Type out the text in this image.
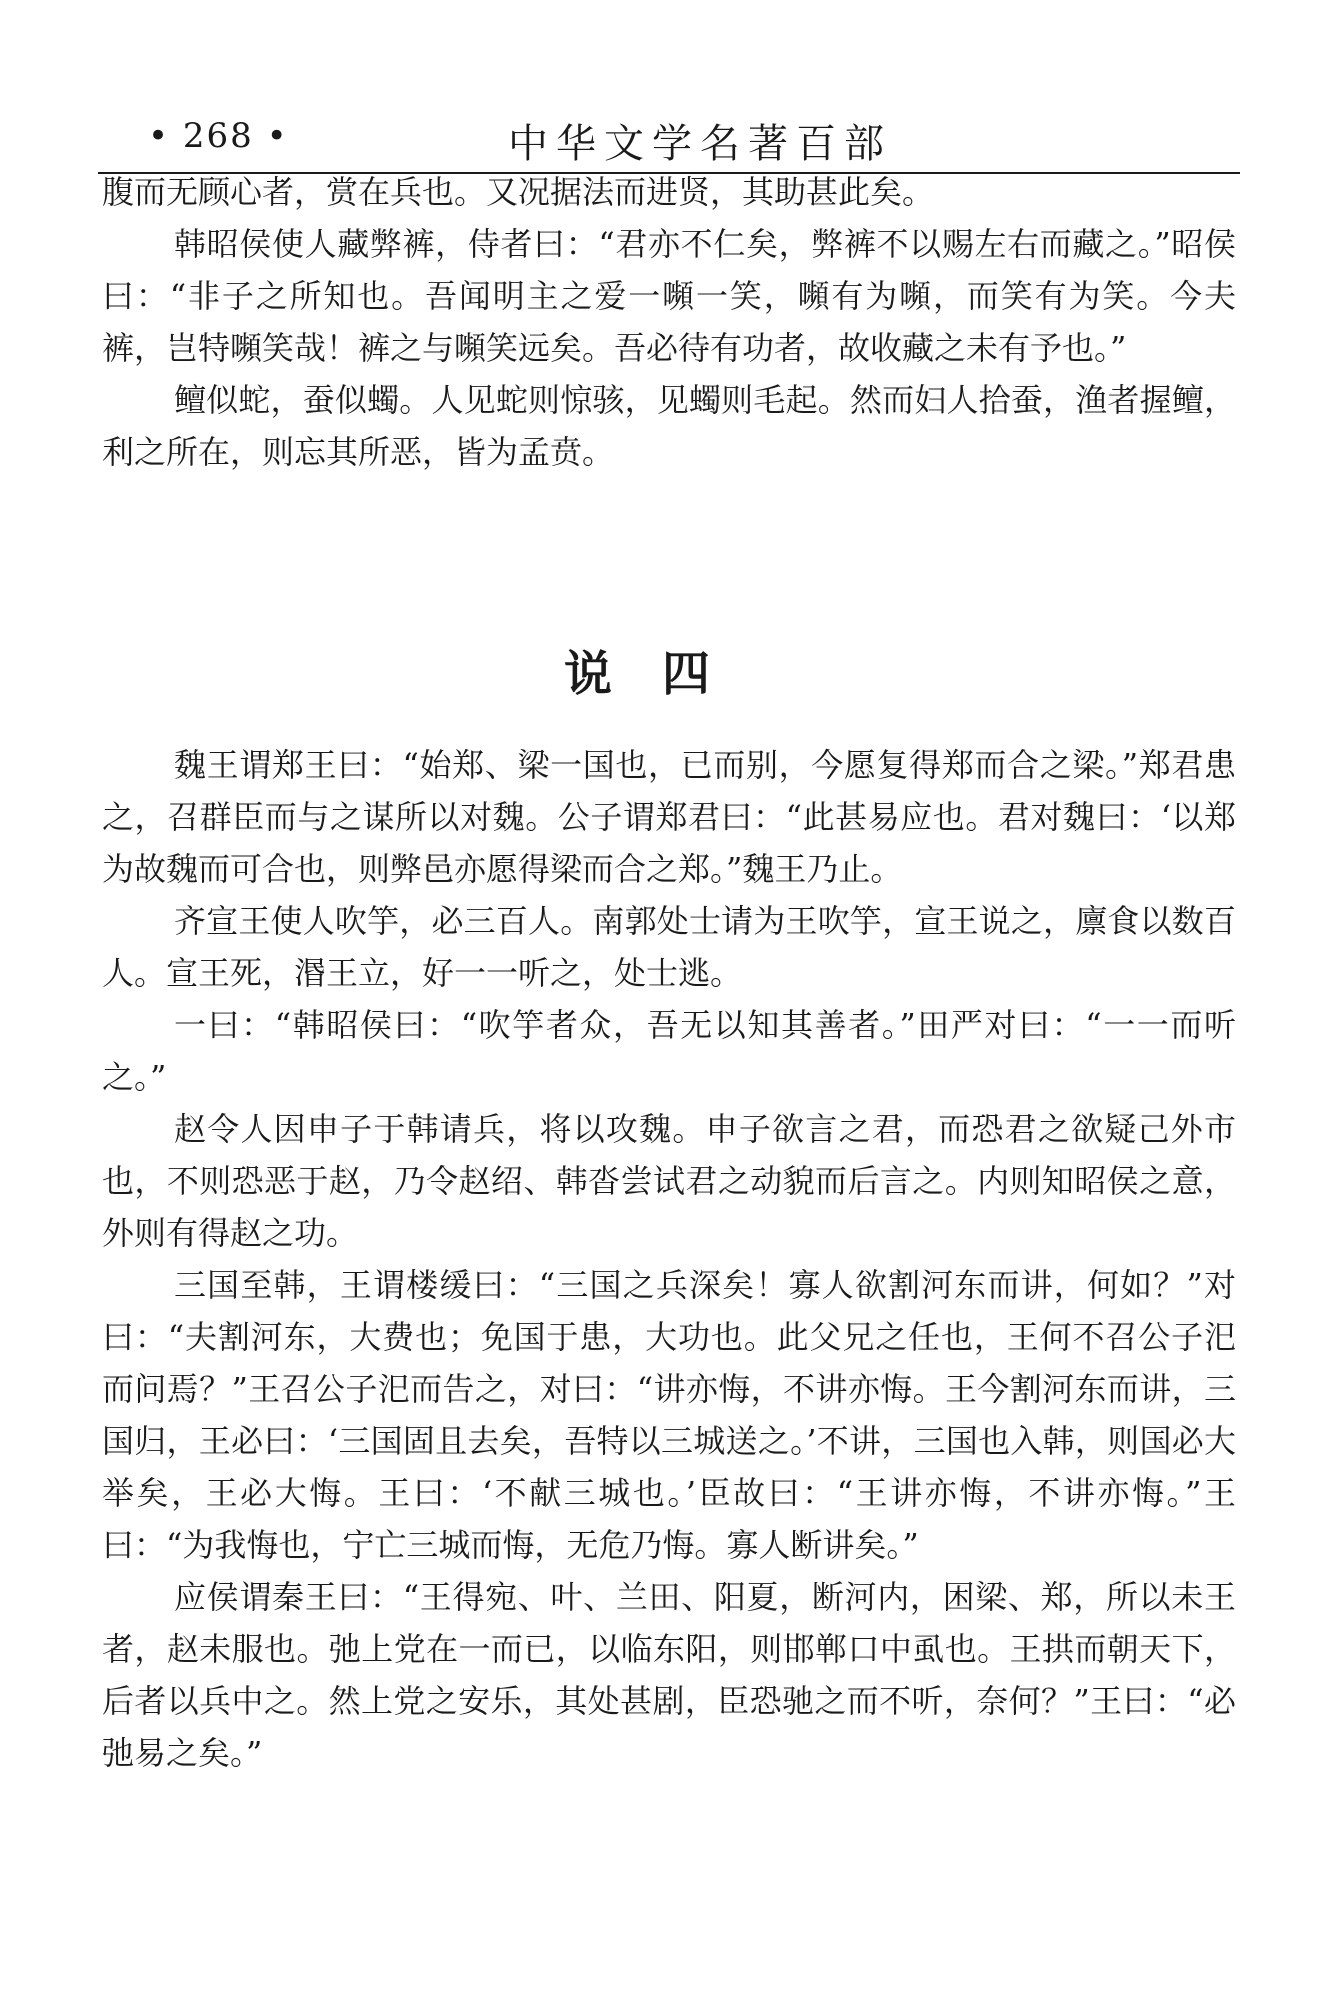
• 268 •	中华文学名著百部

腹而无顾心者，赏在兵也。又况据法而进贤，其助甚此矣。

韩昭侯使人藏弊裤，侍者曰：“君亦不仁矣，弊裤不以赐左右而藏之。”昭侯曰：“非子之所知也。吾闻明主之爱一嚬一笑，嚬有为嚬，而笑有为笑。今夫裤，岂特嚬笑哉！裤之与嚬笑远矣。吾必待有功者，故收藏之未有予也。”

鳣似蛇，蚕似蠋。人见蛇则惊骇，见蠋则毛起。然而妇人拾蚕，渔者握鳣，利之所在，则忘其所恶，皆为孟贲。

说四

魏王谓郑王曰：“始郑、梁一国也，已而别，今愿复得郑而合之梁。”郑君患之，召群臣而与之谋所以对魏。公子谓郑君曰：“此甚易应也。君对魏曰：‘以郑为故魏而可合也，则弊邑亦愿得梁而合之郑。”魏王乃止。

齐宣王使人吹竽，必三百人。南郭处士请为王吹竽，宣王说之，廪食以数百人。宣王死，湣王立，好一一听之，处士逃。

一曰：“韩昭侯曰：“吹竽者众，吾无以知其善者。”田严对曰：“一一而听之。”

赵令人因申子于韩请兵，将以攻魏。申子欲言之君，而恐君之欲疑己外市也，不则恐恶于赵，乃令赵绍、韩沓尝试君之动貌而后言之。内则知昭侯之意，外则有得赵之功。

三国至韩，王谓楼缓曰：“三国之兵深矣！寡人欲割河东而讲，何如？”对曰：“夫割河东，大费也；免国于患，大功也。此父兄之任也，王何不召公子汜而问焉？”王召公子汜而告之，对曰：“讲亦悔，不讲亦悔。王今割河东而讲，三国归，王必曰：‘三国固且去矣，吾特以三城送之。’不讲，三国也入韩，则国必大举矣，王必大悔。王曰：‘不献三城也。’臣故曰：“王讲亦悔，不讲亦悔。”王曰：“为我悔也，宁亡三城而悔，无危乃悔。寡人断讲矣。”

应侯谓秦王曰：“王得宛、叶、兰田、阳夏，断河内，困梁、郑，所以未王者，赵未服也。弛上党在一而已，以临东阳，则邯郸口中虱也。王拱而朝天下，后者以兵中之。然上党之安乐，其处甚剧，臣恐驰之而不听，奈何？”王曰：“必弛易之矣。”
